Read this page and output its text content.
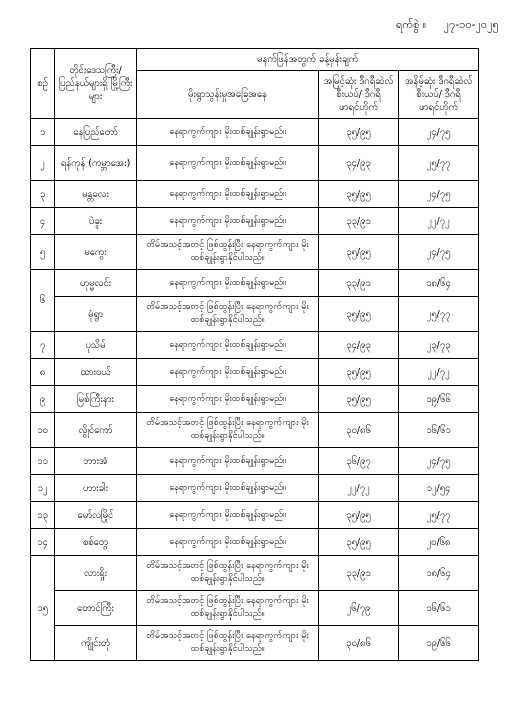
ရက်စွဲ ။ ၂၇-၁၀-၂၀၂၅
စဉ်	တိုင်းဒေသကြီး/ ပြည်နယ်များရှိ မြို့ကြီးများ	မနက်ဖြန်အတွက် ခန့်မှန်းချက်		
		မိုးရွာသွန်းမှုအခြေအနေ	အမြင့်ဆုံး ဒီဂရီဆဲလ်စီးယပ်/ ဒီဂရီဖာရင်ဟိုက်	အနိမ့်ဆုံး ဒီဂရီဆဲလ်စီးယပ်/ ဒီဂရီဖာရင်ဟိုက်
၁	နေပြည်တော်	နေရာကွက်ကျား မိုးထစ်ချုန်းရွာမည်။	၃၅/၉၅	၂၄/၇၅
၂	ရန်ကုန် (ကမ္ဘာအေး)	နေရာကွက်ကျား မိုးထစ်ချုန်းရွာမည်။	၃၄/၉၃	၂၅/၇၇
၃	မန္တလေး	နေရာကွက်ကျား မိုးထစ်ချုန်းရွာမည်။	၃၅/၉၅	၂၄/၇၅
၄	ပဲခူး	နေရာကွက်ကျား မိုးထစ်ချုန်းရွာမည်။	၃၃/၉၁	၂၂/၇၂
၅	မကွေး	တိမ်အသင့်အတင့် ဖြစ်ထွန်းပြီး နေရာကွက်ကျား မိုးထစ်ချုန်းရွာနိုင်ပါသည်။	၃၅/၉၅	၂၄/၇၅
၆	ဟုမ္မလင်း	နေရာကွက်ကျား မိုးထစ်ချုန်းရွာမည်။	၃၃/၉၁	၁၈/၆၄
	မုံရွာ	တိမ်အသင့်အတင့် ဖြစ်ထွန်းပြီး နေရာကွက်ကျား မိုးထစ်ချုန်းရွာနိုင်ပါသည်။	၃၅/၉၅	၂၅/၇၇
၇	ပုသိမ်	နေရာကွက်ကျား မိုးထစ်ချုန်းရွာမည်။	၃၄/၉၃	၂၃/၇၃
၈	ထားဝယ်	နေရာကွက်ကျား မိုးထစ်ချုန်းရွာမည်။	၃၅/၉၅	၂၂/၇၂
၉	မြစ်ကြီးနား	နေရာကွက်ကျား မိုးထစ်ချုန်းရွာမည်။	၃၅/၉၅	၁၉/၆၆
၁၀	လွိုင်ကော်	တိမ်အသင့်အတင့် ဖြစ်ထွန်းပြီး နေရာကွက်ကျား မိုးထစ်ချုန်းရွာနိုင်ပါသည်။	၃၀/၈၆	၁၆/၆၁
၁၁	ဘားအံ	နေရာကွက်ကျား မိုးထစ်ချုန်းရွာမည်။	၃၆/၉၇	၂၄/၇၅
၁၂	ဟားခါး	နေရာကွက်ကျား မိုးထစ်ချုန်းရွာမည်။	၂၂/၇၂	၁၂/၅၄
၁၃	မော်လမြိုင်	နေရာကွက်ကျား မိုးထစ်ချုန်းရွာမည်။	၃၅/၉၅	၂၅/၇၇
၁၄	စစ်တွေ	နေရာကွက်ကျား မိုးထစ်ချုန်းရွာမည်။	၃၅/၉၅	၂၀/၆၈
၁၅	လားရှိုး	တိမ်အသင့်အတင့် ဖြစ်ထွန်းပြီး နေရာကွက်ကျား မိုးထစ်ချုန်းရွာနိုင်ပါသည်။	၃၃/၉၁	၁၈/၆၄
	တောင်ကြီး	တိမ်အသင့်အတင့် ဖြစ်ထွန်းပြီး နေရာကွက်ကျား မိုးထစ်ချုန်းရွာနိုင်ပါသည်။	၂၆/၇၉	၁၆/၆၁
	ကျိုင်းတုံ	တိမ်အသင့်အတင့် ဖြစ်ထွန်းပြီး နေရာကွက်ကျား မိုးထစ်ချုန်းရွာနိုင်ပါသည်။	၃၀/၈၆	၁၉/၆၆
